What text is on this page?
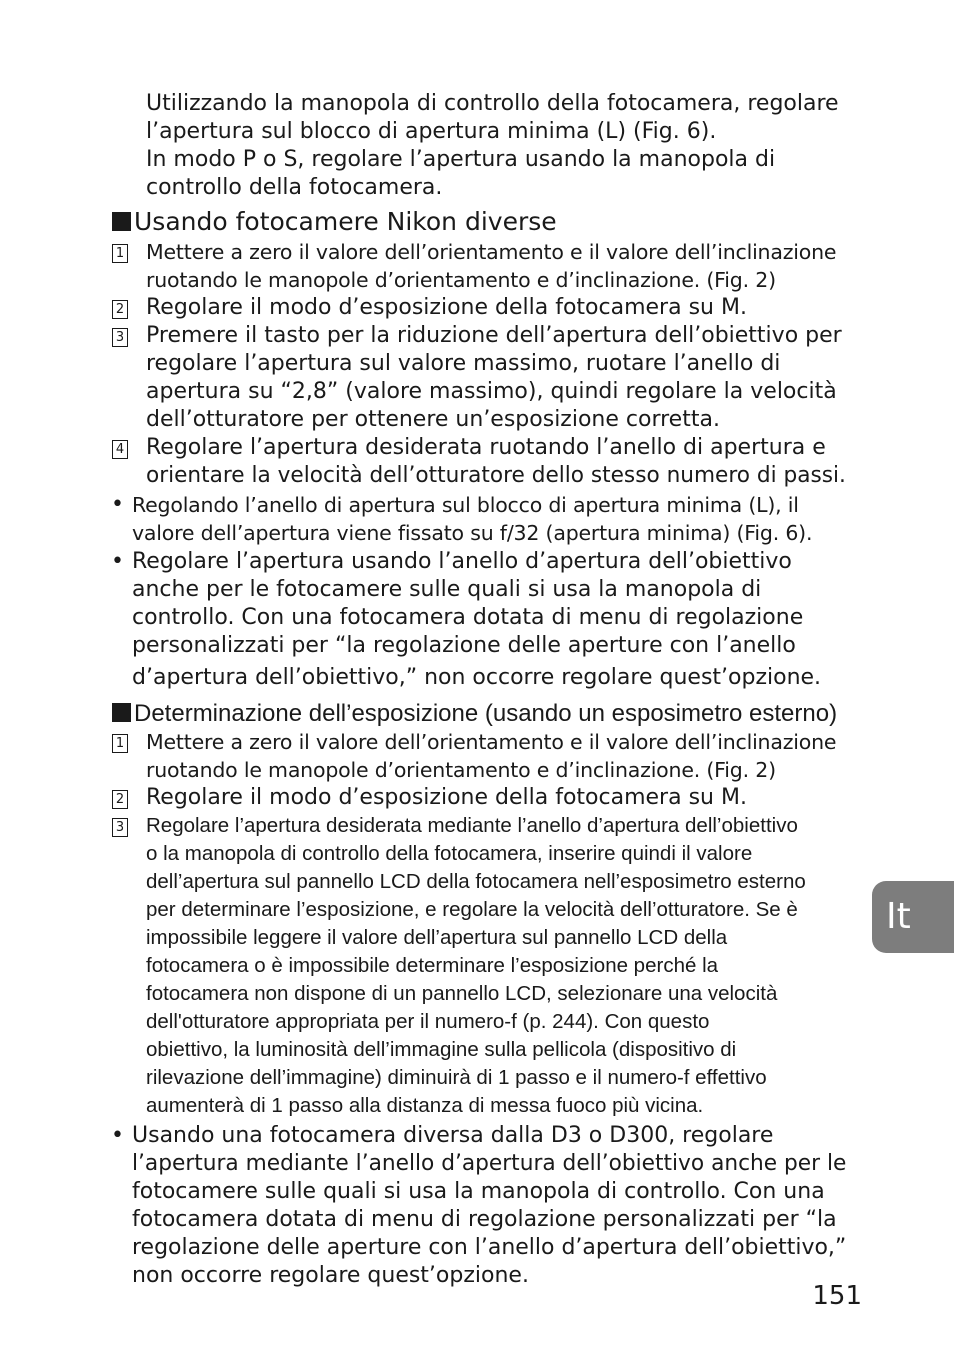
Utilizzando la manopola di controllo della fotocamera, regolare
l’apertura sul blocco di apertura minima (L) (Fig. 6).
In modo P o S, regolare l’apertura usando la manopola di
controllo della fotocamera.
Usando fotocamere Nikon diverse
1 Mettere a zero il valore dell’orientamento e il valore dell’inclinazione
ruotando le manopole d’orientamento e d’inclinazione. (Fig. 2)
2 Regolare il modo d’esposizione della fotocamera su M.
3 Premere il tasto per la riduzione dell’apertura dell’obiettivo per
regolare l’apertura sul valore massimo, ruotare l’anello di
apertura su “2,8” (valore massimo), quindi regolare la velocità
dell’otturatore per ottenere un’esposizione corretta.
4 Regolare l’apertura desiderata ruotando l’anello di apertura e
orientare la velocità dell’otturatore dello stesso numero di passi.
• Regolando l’anello di apertura sul blocco di apertura minima (L), il
valore dell’apertura viene fissato su f/32 (apertura minima) (Fig. 6).
• Regolare l’apertura usando l’anello d’apertura dell’obiettivo
anche per le fotocamere sulle quali si usa la manopola di
controllo. Con una fotocamera dotata di menu di regolazione
personalizzati per “la regolazione delle aperture con l’anello
d’apertura dell’obiettivo,” non occorre regolare quest’opzione.
Determinazione dell’esposizione (usando un esposimetro esterno)
1 Mettere a zero il valore dell’orientamento e il valore dell’inclinazione
ruotando le manopole d’orientamento e d’inclinazione. (Fig. 2)
2 Regolare il modo d’esposizione della fotocamera su M.
3 Regolare l’apertura desiderata mediante l’anello d’apertura dell’obiettivo
o la manopola di controllo della fotocamera, inserire quindi il valore
dell’apertura sul pannello LCD della fotocamera nell’esposimetro esterno
per determinare l’esposizione, e regolare la velocità dell’otturatore. Se è
impossibile leggere il valore dell’apertura sul pannello LCD della
fotocamera o è impossibile determinare l’esposizione perché la
fotocamera non dispone di un pannello LCD, selezionare una velocità
dell'otturatore appropriata per il numero-f (p. 244). Con questo
obiettivo, la luminosità dell’immagine sulla pellicola (dispositivo di
rilevazione dell’immagine) diminuirà di 1 passo e il numero-f effettivo
aumenterà di 1 passo alla distanza di messa fuoco più vicina.
• Usando una fotocamera diversa dalla D3 o D300, regolare
l’apertura mediante l’anello d’apertura dell’obiettivo anche per le
fotocamere sulle quali si usa la manopola di controllo. Con una
fotocamera dotata di menu di regolazione personalizzati per “la
regolazione delle aperture con l’anello d’apertura dell’obiettivo,”
non occorre regolare quest’opzione.
151
It
